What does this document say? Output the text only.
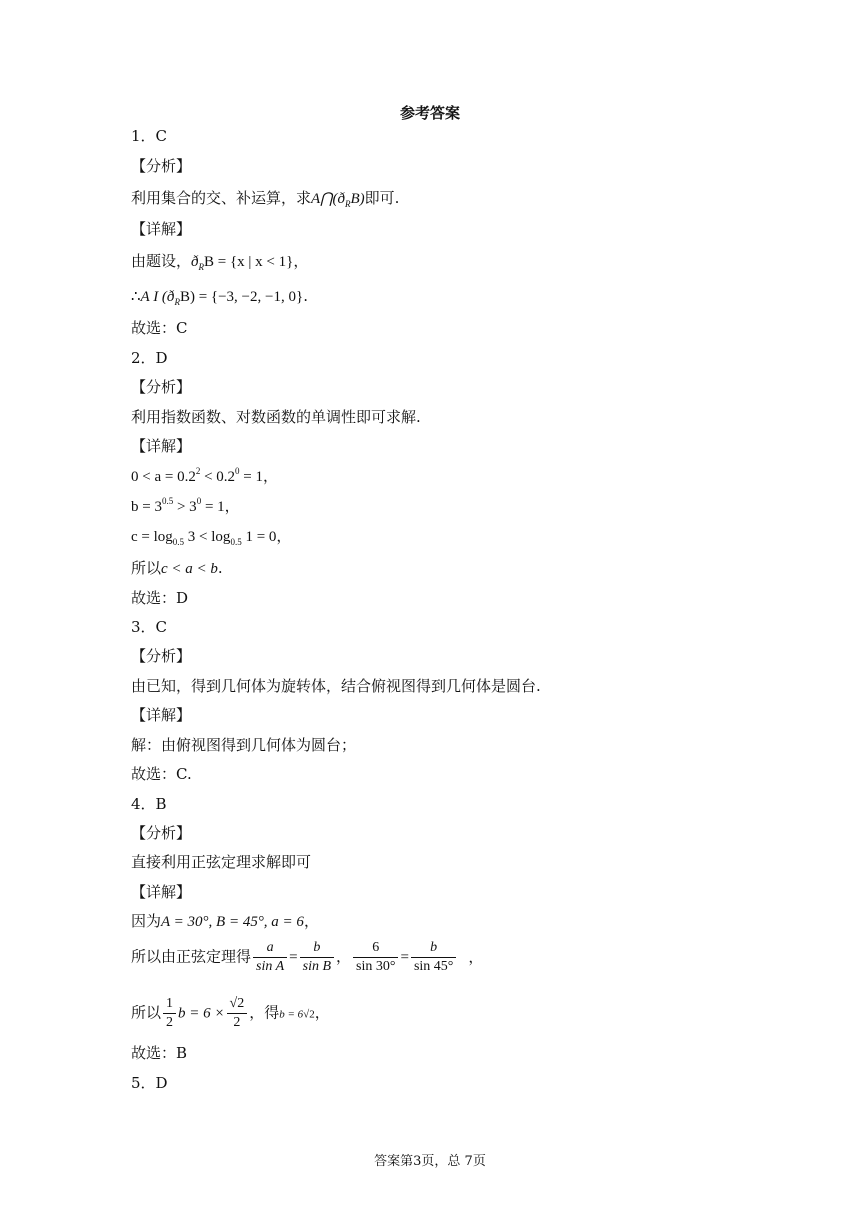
参考答案
1．C
【分析】
利用集合的交、补运算，求$A⋂(ð_RB)$即可.
【详解】
由题设，$ð_RB = \{x$ | x < 1}，
∴A I $(ð_RB) = \{-3$, −2, −1, 0}.
故选：C
2．D
【分析】
利用指数函数、对数函数的单调性即可求解.
【详解】
$0 < a = 0.2^2 < 0.2^0 = 1$，
$b = 3^{0.5} > 3^0 = 1$，
$c = \log_{0.5} 3 < \log_{0.5} 1 = 0$，
所以c < a < b.
故选：D
3．C
【分析】
由已知，得到几何体为旋转体，结合俯视图得到几何体是圆台.
【详解】
解：由俯视图得到几何体为圆台；
故选：C.
4．B
【分析】
直接利用正弦定理求解即可
【详解】
因为A = 30°, B = 45°, a = 6，
所以由正弦定理得 $\frac{a}{\text{sin A}} = \frac{b}{\text{sin B}}$ ， $\frac{6}{\sin 30^\circ} = \frac{b}{\sin 45^\circ}$ ，
所以 $\frac{1}{2}$ $b = 6 \times \frac{√2}{2}$ ，得b = 6√2，
故选：B
5．D
答案第3页，总 7页
